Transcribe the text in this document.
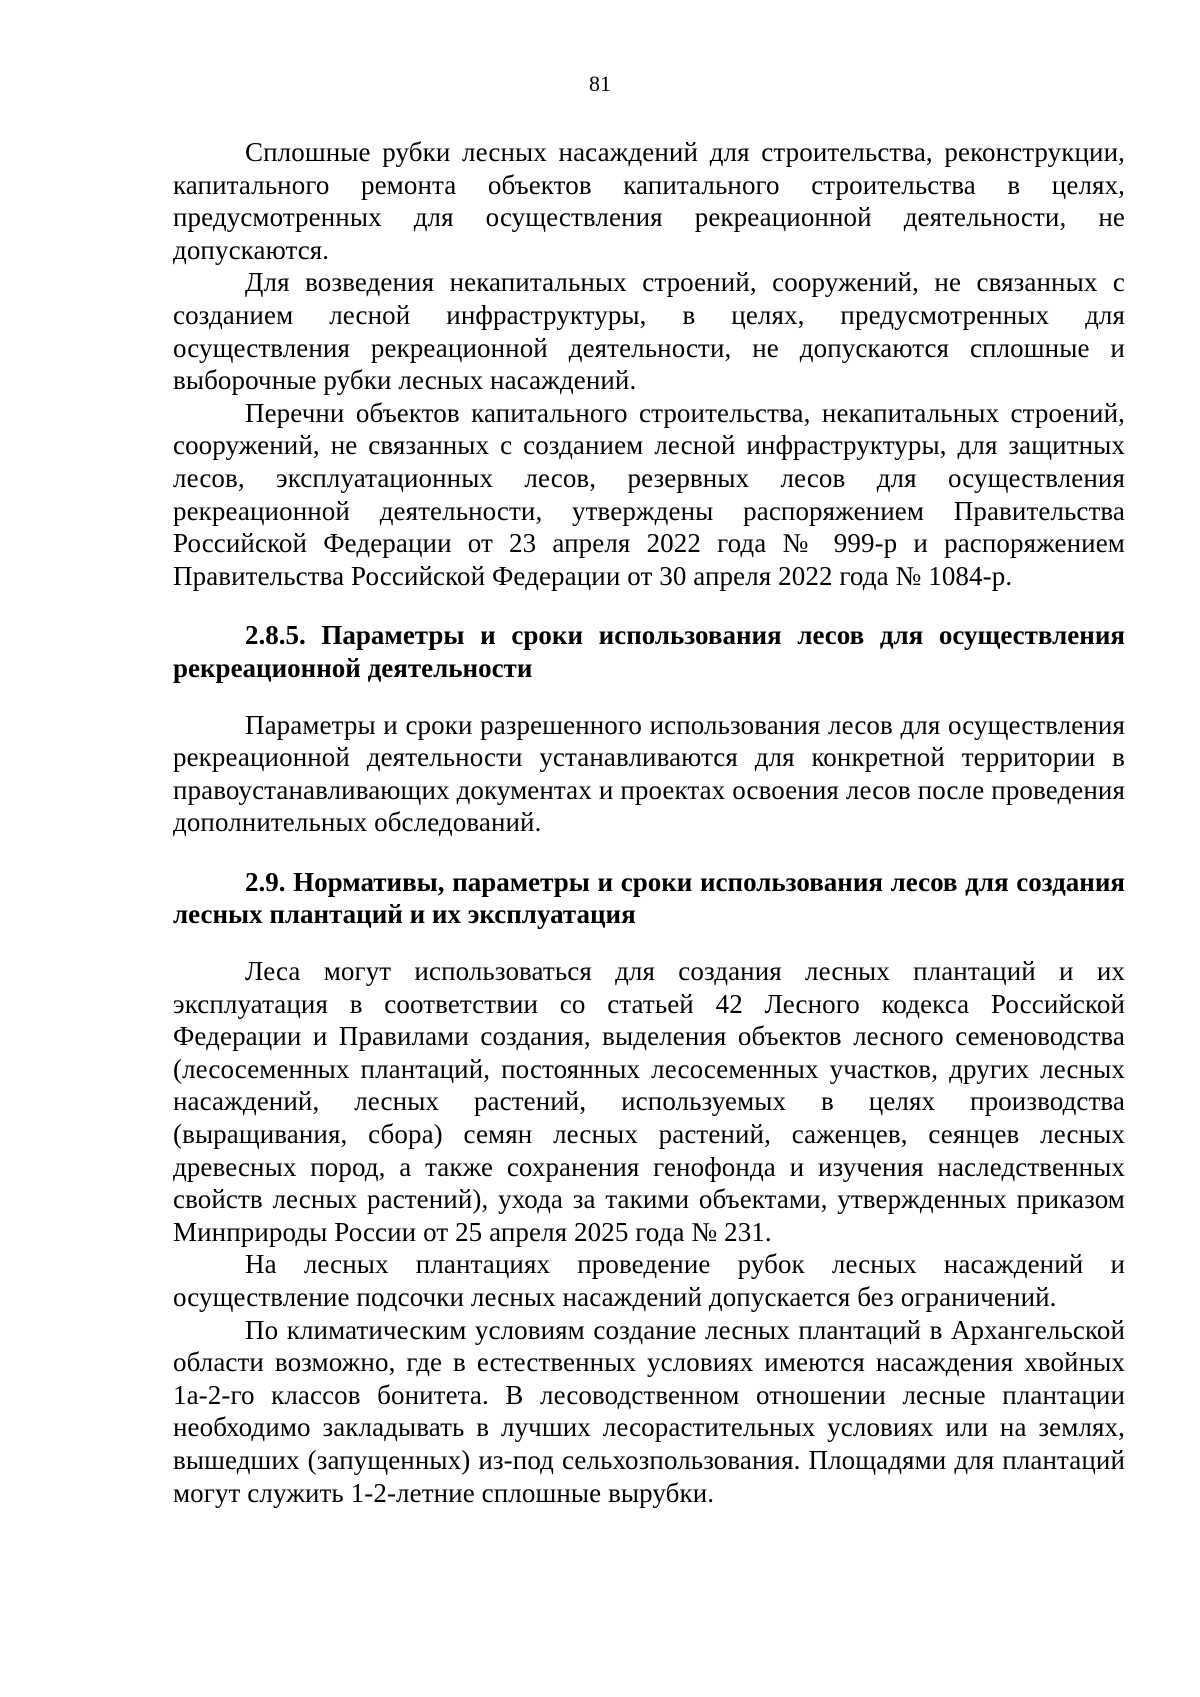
81

Сплошные рубки лесных насаждений для строительства, реконструкции, капитального ремонта объектов капитального строительства в целях, предусмотренных для осуществления рекреационной деятельности, не допускаются.

Для возведения некапитальных строений, сооружений, не связанных с созданием лесной инфраструктуры, в целях, предусмотренных для осуществления рекреационной деятельности, не допускаются сплошные и выборочные рубки лесных насаждений.

Перечни объектов капитального строительства, некапитальных строений, сооружений, не связанных с созданием лесной инфраструктуры, для защитных лесов, эксплуатационных лесов, резервных лесов для осуществления рекреационной деятельности, утверждены распоряжением Правительства Российской Федерации от 23 апреля 2022 года № 999-р и распоряжением Правительства Российской Федерации от 30 апреля 2022 года № 1084-р.

2.8.5. Параметры и сроки использования лесов для осуществления рекреационной деятельности

Параметры и сроки разрешенного использования лесов для осуществления рекреационной деятельности устанавливаются для конкретной территории в правоустанавливающих документах и проектах освоения лесов после проведения дополнительных обследований.

2.9. Нормативы, параметры и сроки использования лесов для создания лесных плантаций и их эксплуатация

Леса могут использоваться для создания лесных плантаций и их эксплуатация в соответствии со статьей 42 Лесного кодекса Российской Федерации и Правилами создания, выделения объектов лесного семеноводства (лесосеменных плантаций, постоянных лесосеменных участков, других лесных насаждений, лесных растений, используемых в целях производства (выращивания, сбора) семян лесных растений, саженцев, сеянцев лесных древесных пород, а также сохранения генофонда и изучения наследственных свойств лесных растений), ухода за такими объектами, утвержденных приказом Минприроды России от 25 апреля 2025 года № 231.

На лесных плантациях проведение рубок лесных насаждений и осуществление подсочки лесных насаждений допускается без ограничений.

По климатическим условиям создание лесных плантаций в Архангельской области возможно, где в естественных условиях имеются насаждения хвойных 1а-2-го классов бонитета. В лесоводственном отношении лесные плантации необходимо закладывать в лучших лесорастительных условиях или на землях, вышедших (запущенных) из-под сельхозпользования. Площадями для плантаций могут служить 1-2-летние сплошные вырубки.
